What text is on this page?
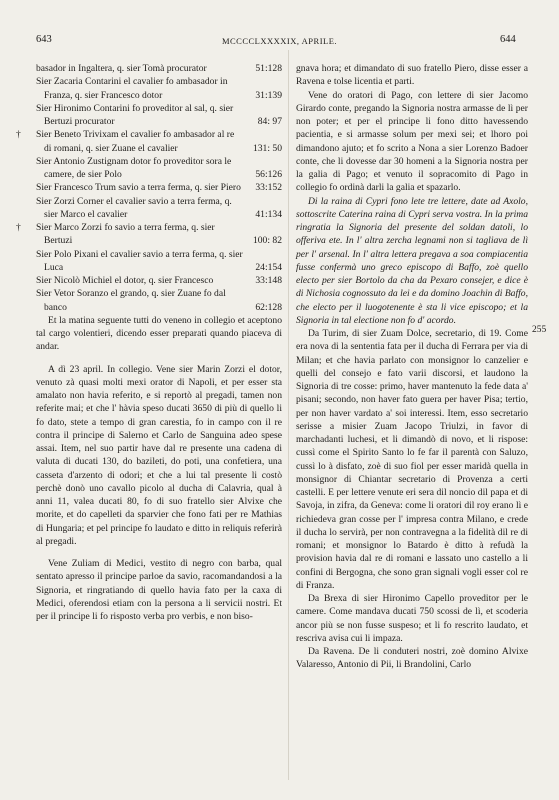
643	MCCCCLXXXXIX, APRILE.	644
basador in Ingaltera, q. sier Tomà procurator	51:128
Sier Zacaria Contarini el cavalier fo ambasador in Franza, q. sier Francesco dotor	31:139
Sier Hironimo Contarini fo proveditor al sal, q. sier Bertuzi procurator	84: 97
†	Sier Beneto Trivixam el cavalier fo ambasador al re di romani, q. sier Zuane el cavalier	131: 50
Sier Antonio Zustignam dotor fo proveditor sora le camere, de sier Polo	56:126
Sier Francesco Trum savio a terra ferma, q. sier Piero	33:152
Sier Zorzi Corner el cavalier savio a terra ferma, q. sier Marco el cavalier	41:134
†	Sier Marco Zorzi fo savio a terra ferma, q. sier Bertuzi	100: 82
Sier Polo Pixani el cavalier savio a terra ferma, q. sier Luca	24:154
Sier Nicolò Michiel el dotor, q. sier Francesco	33:148
Sier Vetor Soranzo el grando, q. sier Zuane fo dal banco	62:128
Et la matina seguente tutti do veneno in collegio et aceptono tal cargo volentieri, dicendo esser preparati quando piaceva di andar.
A dì 23 april. In collegio. Vene sier Marin Zorzi el dotor, venuto zà quasi molti mexi orator di Napoli, et per esser sta amalato non havia referito, e si reportò al pregadi, tamen non referite mai; et che l' hàvia speso ducati 3650 di più di quello li fo dato, stete a tempo di gran carestia, fo in campo con il re contra il principe di Salerno et Carlo de Sanguina adeo spese assai. Item, nel suo partir have dal re presente una cadena di valuta di ducati 130, do bazileti, do poti, una confetiera, una casseta d'arzento di odori; et che a lui tal presente li costò perchè donò uno cavallo picolo al ducha di Calavria, qual à anni 11, valea ducati 80, fo di suo fratello sier Alvixe che morite, et do capelleti da sparvier che fono fati per re Mathias di Hungaria; et pel principe fo laudato e ditto in reliquis referirà al pregadi.
Vene Zuliam di Medici, vestito di negro con barba, qual sentato apresso il principe parloe da savio, racomandandosi a la Signoria, et ringratiando di quello havia fato per la caxa di Medici, oferendosi etiam con la persona a li servicii nostri. Et per il principe li fo risposto verba pro verbis, e non biso-
gnava hora; et dimandato di suo fratello Piero, disse esser a Ravena e tolse licentia et parti.
Vene do oratori di Pago, con lettere di sier Jacomo Girardo conte, pregando la Signoria nostra armasse de lì per non poter; et per el principe li fono ditto havessendo pacientia, e si armasse solum per mexi sei; et lhoro poi dimandono ajuto; et fo scrito a Nona a sier Lorenzo Badoer conte, che li dovesse dar 30 homeni a la Signoria nostra per la galia di Pago; et venuto il sopracomito di Pago in collegio fo ordinà darli la galia et spazarlo.
Di la raina di Cypri fono lete tre lettere, date ad Axolo, sottoscrite Caterina raina di Cypri serva vostra. In la prima ringratia la Signoria del presente del soldan datoli, lo offeriva ete. In l' altra zercha legnami non si tagliava de lì per l' arsenal. In l' altra lettera pregava a soa compiacentia fusse confermà uno greco episcopo di Baffo, zoè quello electo per sier Bortolo da cha da Pexaro consejer, e dice è di Nichosia cognossuto da lei e da domino Joachin di Baffo, che electo per il luogotenente è sta li vice episcopo; et la Signoria in tal electione non fo d' acordo.
Da Turim, di sier Zuam Dolce, secretario, di 19. Come era nova di la sententia fata per il ducha di Ferrara per via di Milan; et che havia parlato con monsignor lo canzelier e quelli del consejo e fato varii discorsi, et laudono la Signoria di tre cosse: primo, haver mantenuto la fede data a' pisani; secondo, non haver fato guera per haver Pisa; tertio, per non haver vardato a' soi interessi. Item, esso secretario serisse a misier Zuam Jacopo Triulzi, in favor di marchadanti luchesi, et li dimandò di novo, et li rispose: cussì come el Spirito Santo lo fe far il parentà con Saluzo, cussì lo à disfato, zoè di suo fiol per esser maridà quella in monsignor di Chiantar secretario di Provenza a certi castelli. E per lettere venute eri sera dil noncio dil papa et di Savoja, in zifra, da Geneva: come li oratori dil roy erano lì e richiedeva gran cosse per l' impresa contra Milano, e crede il ducha lo servirà, per non contravegna a la fidelità dil re di romani; et monsignor lo Batardo è ditto à refudà la provision havia dal re di romani e lassato uno castello a li confini di Bergogna, che sono gran signali vogli esser col re di Franza.
Da Brexa di sier Hironimo Capello proveditor per le camere. Come mandava ducati 750 scossi de lì, et scoderia ancor più se non fusse suspeso; et li fo rescrito laudato, et rescriva avisa cui li impaza.
Da Ravena. De li conduteri nostri, zoè domino Alvixe Valaresso, Antonio di Pii, li Brandolini, Carlo
255
